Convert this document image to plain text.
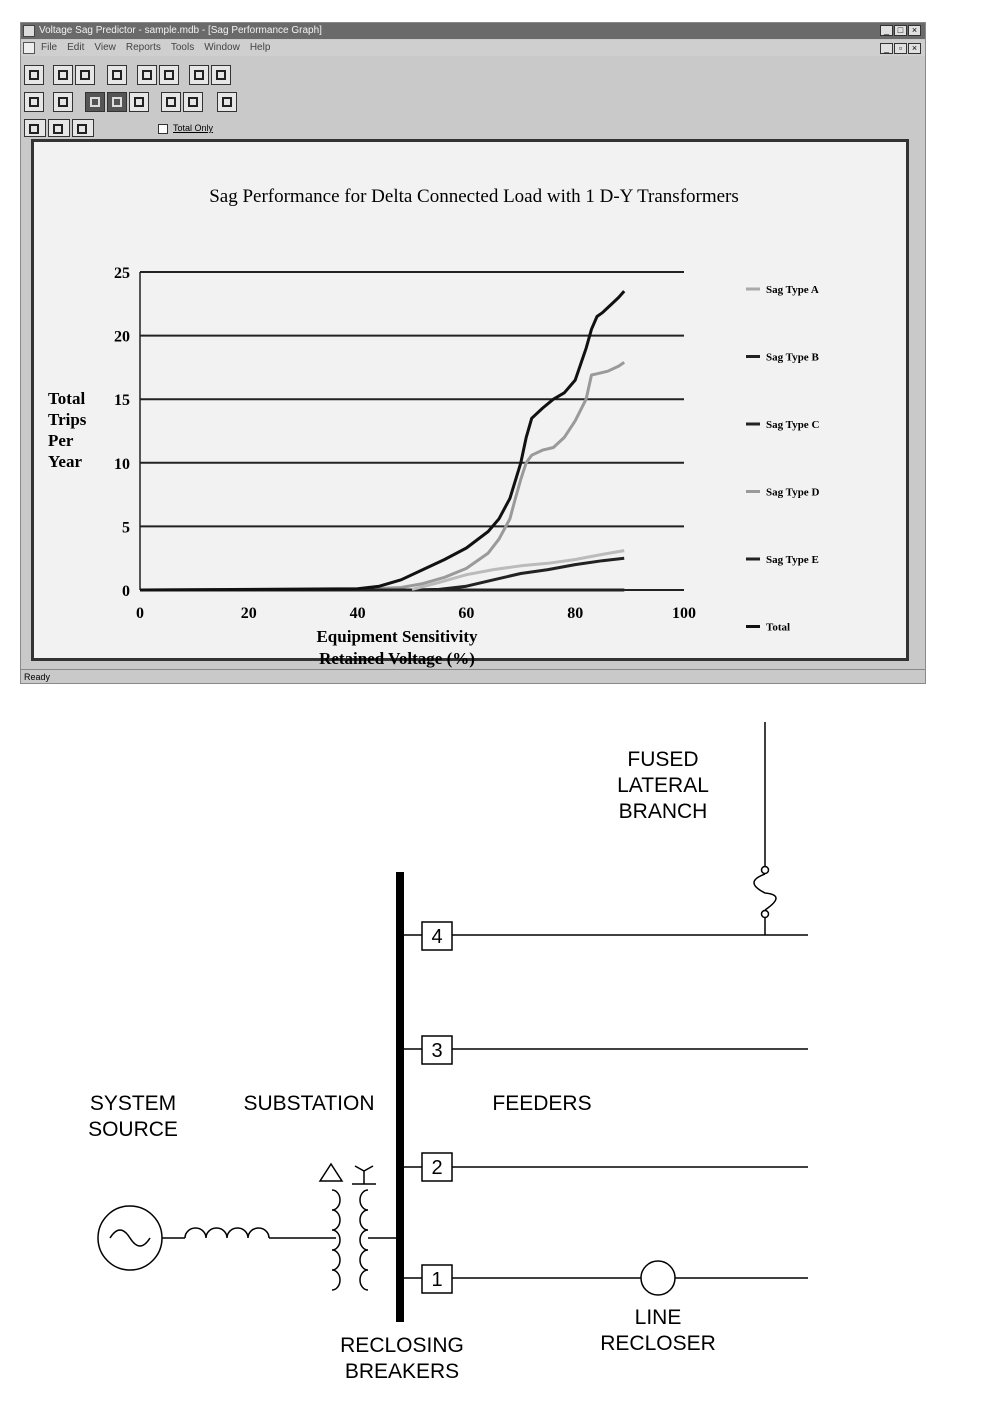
Voltage Sag Predictor - sample.mdb - [Sag Performance Graph]	_ □ ×
File Edit View Reports Tools Window Help	_	▫	×
Total Only
Sag Performance for Delta Connected Load with 1 D-Y Transformers
Total
Trips
Per
Year
Equipment Sensitivity
Retained Voltage (%)
0
5
10
15
20
25
0	20	40	60	80	100
Sag Type A
Sag Type B
Sag Type C
Sag Type D
Sag Type E
Total
Ready
FUSED
LATERAL
BRANCH
SYSTEM
SOURCE
SUBSTATION	FEEDERS
RECLOSING
BREAKERS
LINE
RECLOSER
4
3
2
1
